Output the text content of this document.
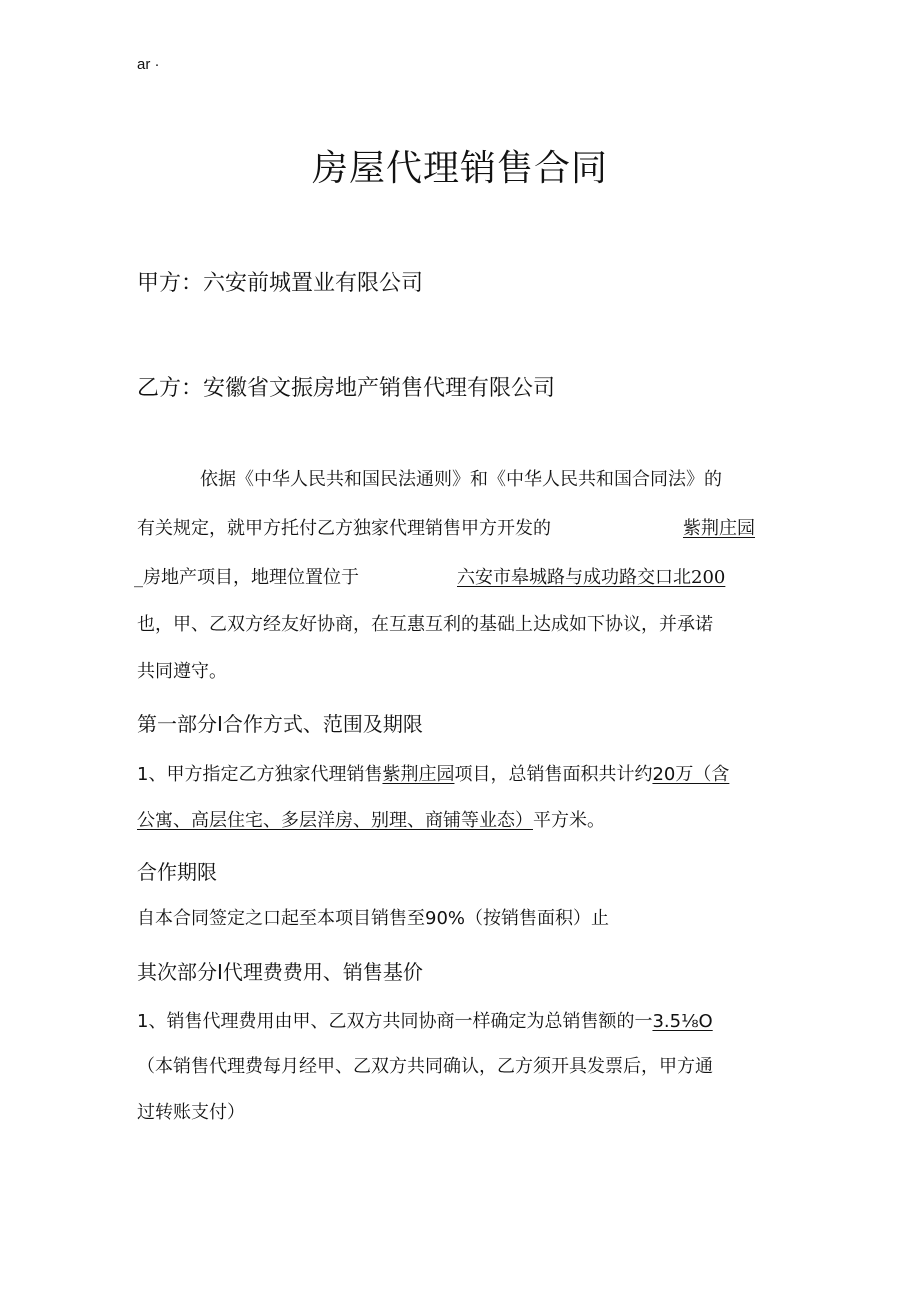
ar ·
房屋代理销售合同
甲方：六安前城置业有限公司
乙方：安徽省文振房地产销售代理有限公司
依据《中华人民共和国民法通则》和《中华人民共和国合同法》的
有关规定，就甲方托付乙方独家代理销售甲方开发的	紫荆庄园
_房地产项目，地理位置位于	六安市皋城路与成功路交口北200
也，甲、乙双方经友好协商，在互惠互利的基础上达成如下协议，并承诺
共同遵守。
第一部分I合作方式、范围及期限
1、甲方指定乙方独家代理销售紫荆庄园项目，总销售面积共计约20万（含
公寓、高层住宅、多层洋房、别理、商铺等业态）平方米。
合作期限
自本合同签定之口起至本项目销售至90%（按销售面积）止
其次部分I代理费费用、销售基价
1、销售代理费用由甲、乙双方共同协商一样确定为总销售额的一3.5⅛O
（本销售代理费每月经甲、乙双方共同确认，乙方须开具发票后，甲方通
过转账支付）
